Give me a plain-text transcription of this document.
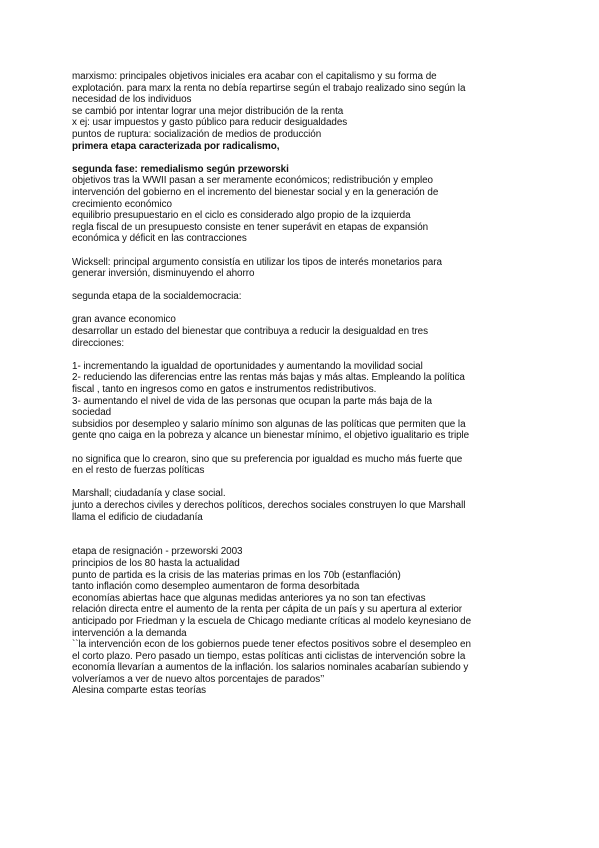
marxismo: principales objetivos iniciales era acabar con el capitalismo y su forma de
explotación. para marx la renta no debía repartirse según el trabajo realizado sino según la
necesidad de los individuos
se cambió por intentar lograr una mejor distribución de la renta
x ej: usar impuestos y gasto público para reducir desigualdades
puntos de ruptura: socialización de medios de producción
primera etapa caracterizada por radicalismo,
segunda fase: remedialismo según przeworski
objetivos tras la WWII pasan a ser meramente económicos; redistribución y empleo
intervención del gobierno en el incremento del bienestar social y en la generación de
crecimiento económico
equilibrio presupuestario en el ciclo es considerado algo propio de la izquierda
regla fiscal de un presupuesto consiste en tener superávit en etapas de expansión
económica y déficit en las contracciones
Wicksell: principal argumento consistía en utilizar los tipos de interés monetarios para
generar inversión, disminuyendo el ahorro
segunda etapa de la socialdemocracia:
gran avance economico
desarrollar un estado del bienestar que contribuya a reducir la desigualdad en tres
direcciones:
1- incrementando la igualdad de oportunidades y aumentando la movilidad social
2- reduciendo las diferencias entre las rentas más bajas y más altas. Empleando la política
fiscal , tanto en ingresos como en gatos e instrumentos redistributivos.
3- aumentando el nivel de vida de las personas que ocupan la parte más baja de la
sociedad
subsidios por desempleo y salario mínimo son algunas de las políticas que permiten que la
gente qno caiga en la pobreza y alcance un bienestar mínimo, el objetivo igualitario es triple
no significa que lo crearon, sino que su preferencia por igualdad es mucho más fuerte que
en el resto de fuerzas políticas
Marshall; ciudadanía y clase social.
junto a derechos civiles y derechos políticos, derechos sociales construyen lo que Marshall
llama el edificio de ciudadanía
etapa de resignación - przeworski 2003
principios de los 80 hasta la actualidad
punto de partida es la crisis de las materias primas en los 70b (estanflación)
tanto inflación como desempleo aumentaron de forma desorbitada
economías abiertas hace que algunas medidas anteriores ya no son tan efectivas
relación directa entre el aumento de la renta per cápita de un país y su apertura al exterior
anticipado por Friedman y la escuela de Chicago mediante críticas al modelo keynesiano de
intervención a la demanda
``la intervención econ de los gobiernos puede tener efectos positivos sobre el desempleo en
el corto plazo. Pero pasado un tiempo, estas políticas anti ciclistas de intervención sobre la
economía llevarían a aumentos de la inflación. los salarios nominales acabarían subiendo y
volveríamos a ver de nuevo altos porcentajes de parados’’
Alesina comparte estas teorías
